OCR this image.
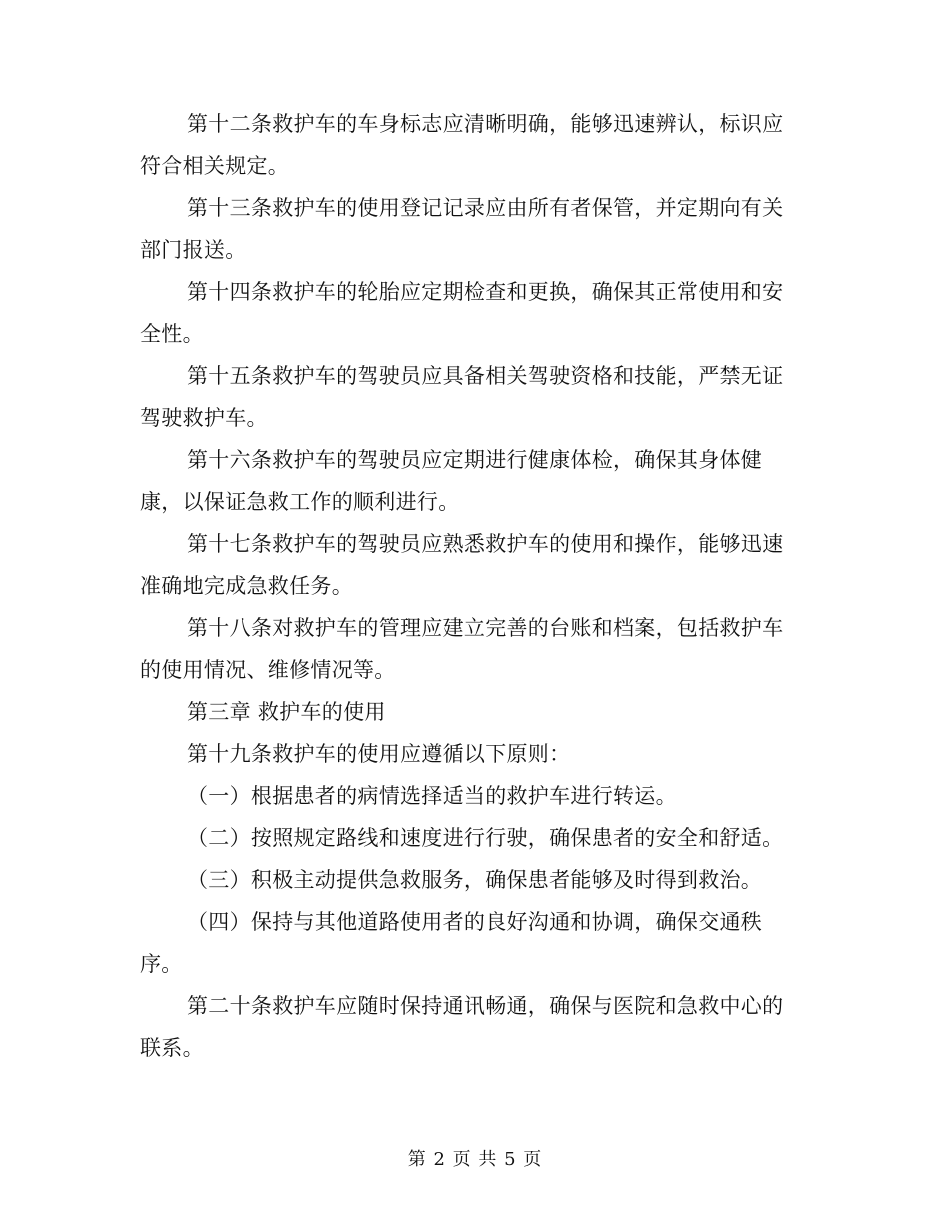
第十二条救护车的车身标志应清晰明确，能够迅速辨认，标识应
符合相关规定。

第十三条救护车的使用登记记录应由所有者保管，并定期向有关
部门报送。

第十四条救护车的轮胎应定期检查和更换，确保其正常使用和安
全性。

第十五条救护车的驾驶员应具备相关驾驶资格和技能，严禁无证
驾驶救护车。

第十六条救护车的驾驶员应定期进行健康体检，确保其身体健
康，以保证急救工作的顺利进行。

第十七条救护车的驾驶员应熟悉救护车的使用和操作，能够迅速
准确地完成急救任务。

第十八条对救护车的管理应建立完善的台账和档案，包括救护车
的使用情况、维修情况等。

第三章 救护车的使用

第十九条救护车的使用应遵循以下原则：

（一）根据患者的病情选择适当的救护车进行转运。

（二）按照规定路线和速度进行行驶，确保患者的安全和舒适。

（三）积极主动提供急救服务，确保患者能够及时得到救治。

（四）保持与其他道路使用者的良好沟通和协调，确保交通秩
序。

第二十条救护车应随时保持通讯畅通，确保与医院和急救中心的
联系。

第 2 页 共 5 页
